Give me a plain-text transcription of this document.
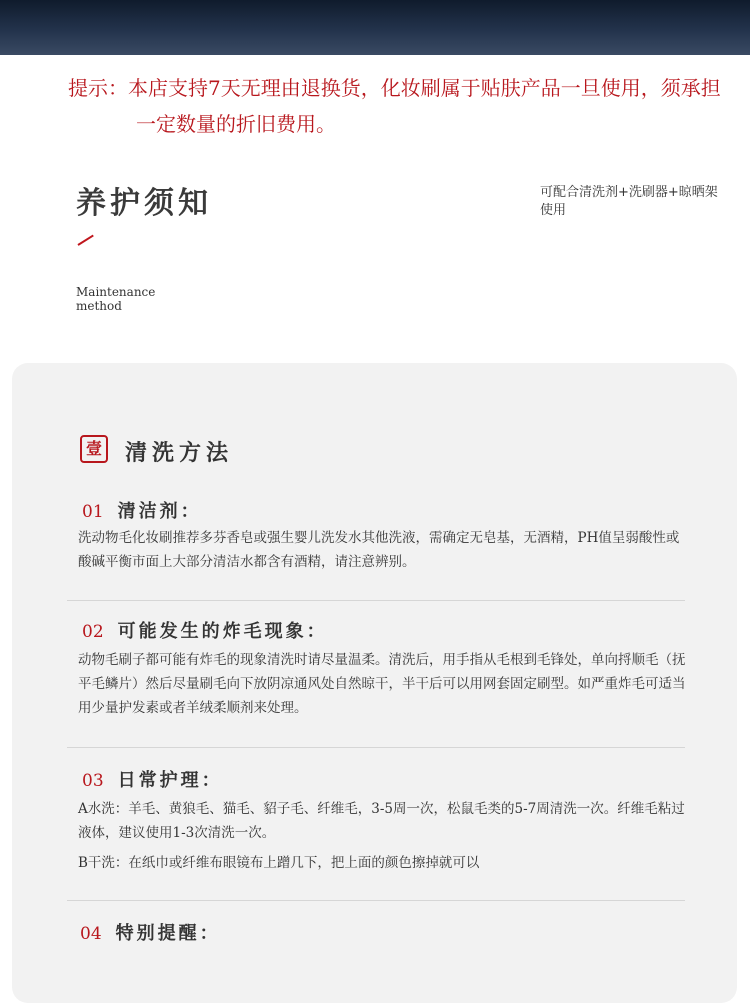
提示：本店支持7天无理由退换货，化妆刷属于贴肤产品一旦使用，须承担一定数量的折旧费用。
养护须知	可配合清洗剂+洗刷器+晾晒架使用
Maintenance method
壹 清洗方法
01 清洁剂：
洗动物毛化妆刷推荐多芬香皂或强生婴儿洗发水其他洗液，需确定无皂基，无酒精，PH值呈弱酸性或酸碱平衡市面上大部分清洁水都含有酒精，请注意辨别。
02 可能发生的炸毛现象：
动物毛刷子都可能有炸毛的现象清洗时请尽量温柔。清洗后，用手指从毛根到毛锋处，单向捋顺毛（抚平毛鳞片）然后尽量刷毛向下放阴凉通风处自然晾干，半干后可以用网套固定刷型。如严重炸毛可适当用少量护发素或者羊绒柔顺剂来处理。
03 日常护理：
A水洗：羊毛、黄狼毛、猫毛、貂子毛、纤维毛，3-5周一次，松鼠毛类的5-7周清洗一次。纤维毛粘过液体，建议使用1-3次清洗一次。
B干洗：在纸巾或纤维布眼镜布上蹭几下，把上面的颜色擦掉就可以
04 特别提醒：
